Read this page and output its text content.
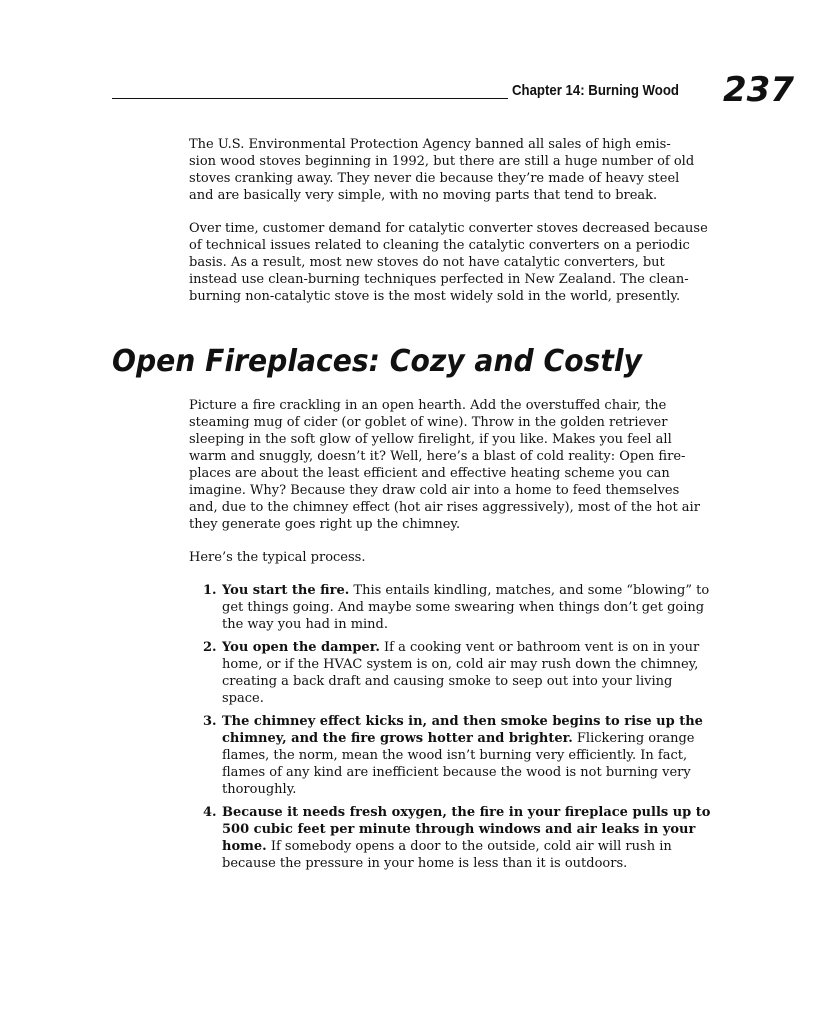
Chapter 14: Burning Wood 237

The U.S. Environmental Protection Agency banned all sales of high emis-
sion wood stoves beginning in 1992, but there are still a huge number of old
stoves cranking away. They never die because they’re made of heavy steel
and are basically very simple, with no moving parts that tend to break.

Over time, customer demand for catalytic converter stoves decreased because
of technical issues related to cleaning the catalytic converters on a periodic
basis. As a result, most new stoves do not have catalytic converters, but
instead use clean-burning techniques perfected in New Zealand. The clean-
burning non-catalytic stove is the most widely sold in the world, presently.

Open Fireplaces: Cozy and Costly

Picture a fire crackling in an open hearth. Add the overstuffed chair, the
steaming mug of cider (or goblet of wine). Throw in the golden retriever
sleeping in the soft glow of yellow firelight, if you like. Makes you feel all
warm and snuggly, doesn’t it? Well, here’s a blast of cold reality: Open fire-
places are about the least efficient and effective heating scheme you can
imagine. Why? Because they draw cold air into a home to feed themselves
and, due to the chimney effect (hot air rises aggressively), most of the hot air
they generate goes right up the chimney.

Here’s the typical process.

1. You start the fire. This entails kindling, matches, and some “blowing” to
get things going. And maybe some swearing when things don’t get going
the way you had in mind.
2. You open the damper. If a cooking vent or bathroom vent is on in your
home, or if the HVAC system is on, cold air may rush down the chimney,
creating a back draft and causing smoke to seep out into your living
space.
3. The chimney effect kicks in, and then smoke begins to rise up the
chimney, and the fire grows hotter and brighter. Flickering orange
flames, the norm, mean the wood isn’t burning very efficiently. In fact,
flames of any kind are inefficient because the wood is not burning very
thoroughly.
4. Because it needs fresh oxygen, the fire in your fireplace pulls up to
500 cubic feet per minute through windows and air leaks in your
home. If somebody opens a door to the outside, cold air will rush in
because the pressure in your home is less than it is outdoors.
